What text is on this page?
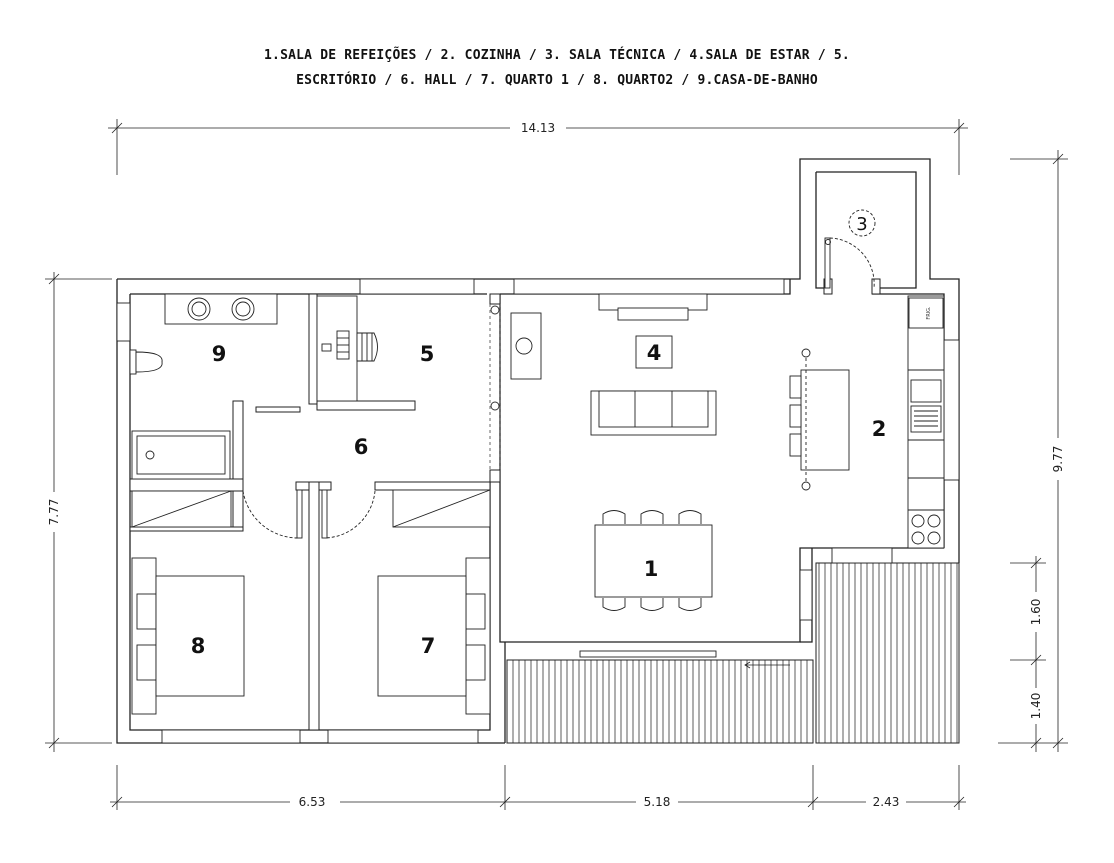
1.SALA DE REFEIÇÕES / 2. COZINHA / 3. SALA TÉCNICA / 4.SALA DE ESTAR / 5.
ESCRITÓRIO / 6. HALL / 7. QUARTO 1 / 8. QUARTO2 / 9.CASA-DE-BANHO
FRIG.
1
2
3
4
5
6
7
8
9
14.13
9.77
7.77
1.60
1.40
6.53	5.18	2.43
